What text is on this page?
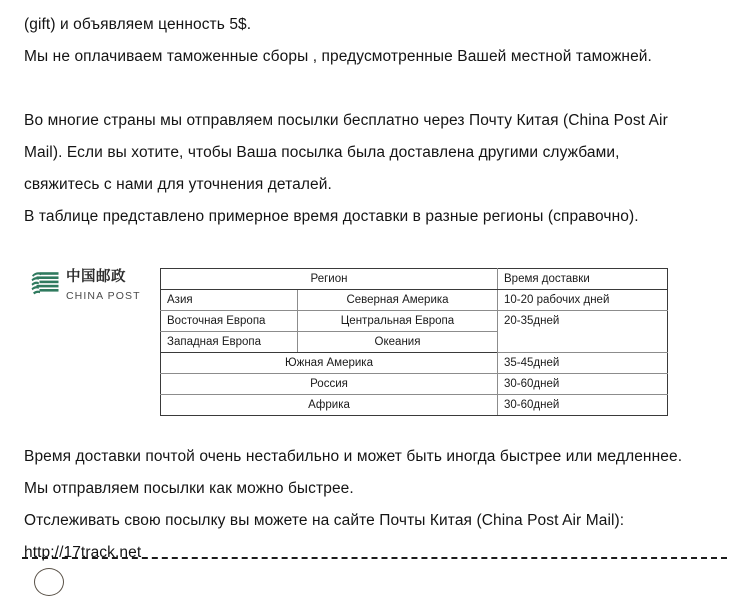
(gift) и объявляем ценность 5$.

Мы не оплачиваем таможенные сборы , предусмотренные Вашей местной таможней.

Во многие страны мы отправляем посылки бесплатно через Почту Китая (China Post Air Mail). Если вы хотите, чтобы Ваша посылка была доставлена другими службами, свяжитесь с нами для уточнения деталей.

В таблице представлено примерное время доставки в разные регионы (справочно).

中国邮政 CHINA POST
Регион		Время доставки
Азия	Северная Америка	10-20 рабочих дней
Восточная Европа	Центральная Европа	20-35дней
Западная Европа	Океания	
Южная Америка		35-45дней
Россия		30-60дней
Африка		30-60дней

Время доставки почтой очень нестабильно и может быть иногда быстрее или медленнее. Мы отправляем посылки как можно быстрее.

Отслеживать свою посылку вы можете на сайте Почты Китая (China Post Air Mail): http://17track.net
